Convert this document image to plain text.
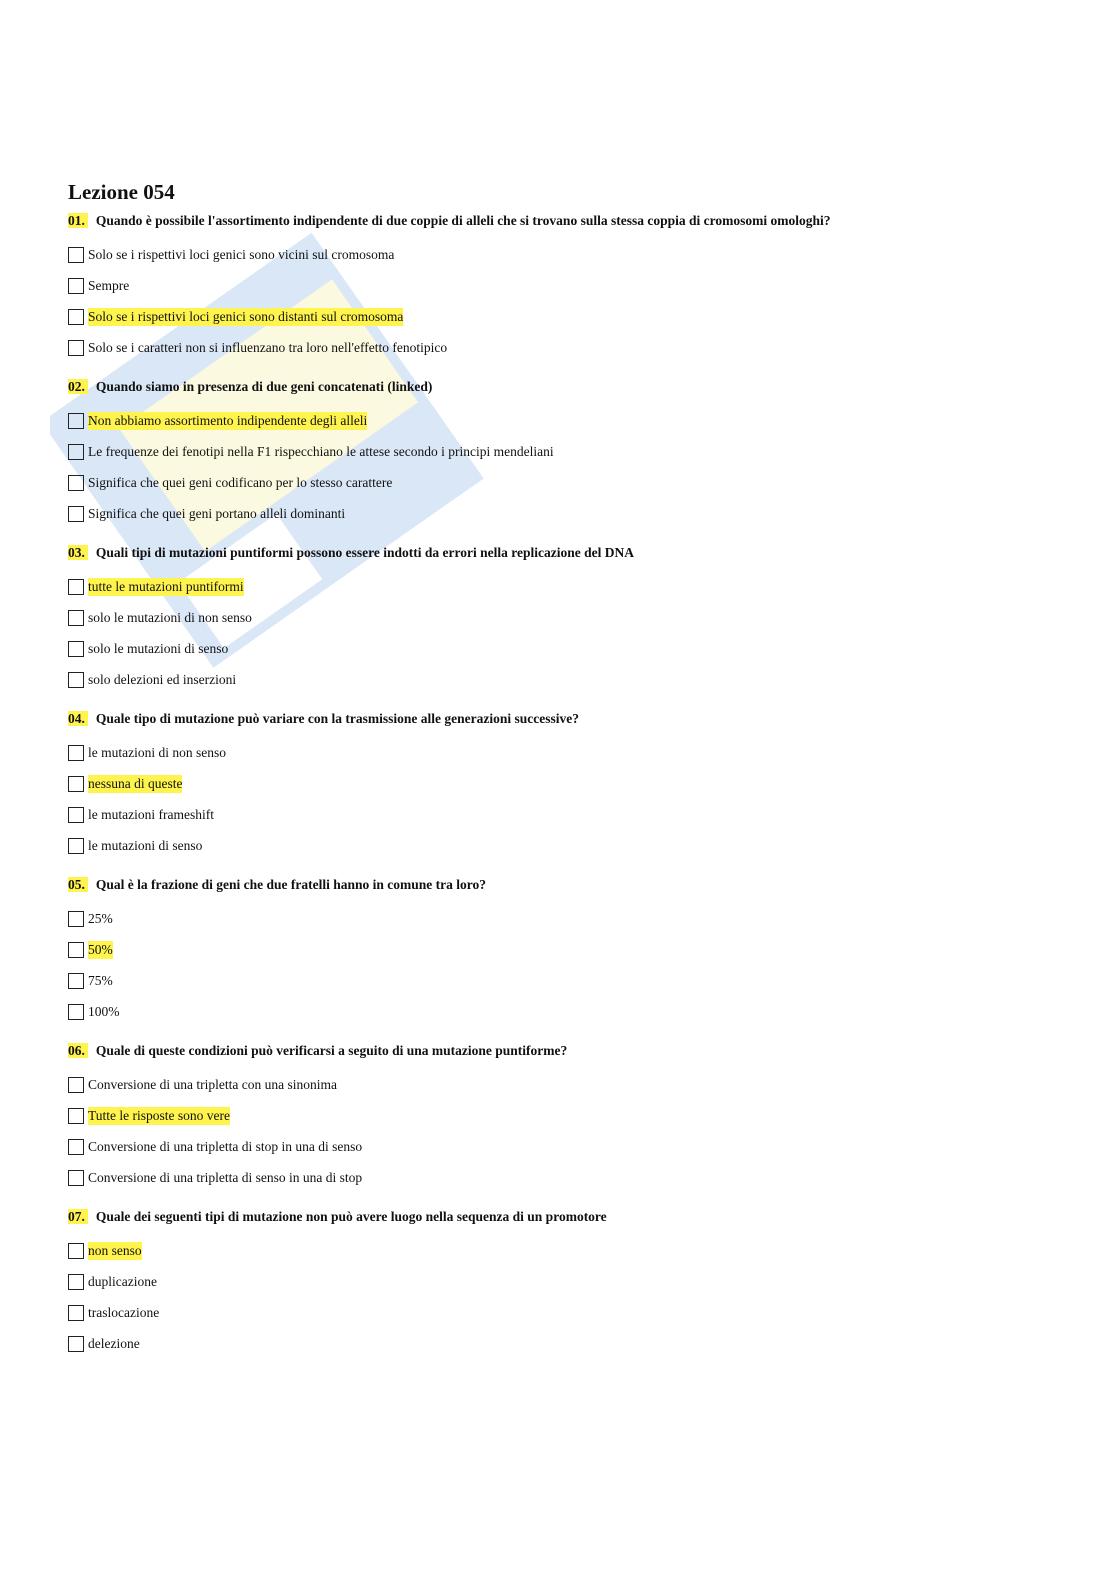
Lezione 054

01. Quando è possibile l'assortimento indipendente di due coppie di alleli che si trovano sulla stessa coppia di cromosomi omologhi?

Solo se i rispettivi loci genici sono vicini sul cromosoma
Sempre
Solo se i rispettivi loci genici sono distanti sul cromosoma
Solo se i caratteri non si influenzano tra loro nell'effetto fenotipico

02. Quando siamo in presenza di due geni concatenati (linked)

Non abbiamo assortimento indipendente degli alleli
Le frequenze dei fenotipi nella F1 rispecchiano le attese secondo i principi mendeliani
Significa che quei geni codificano per lo stesso carattere
Significa che quei geni portano alleli dominanti

03. Quali tipi di mutazioni puntiformi possono essere indotti da errori nella replicazione del DNA

tutte le mutazioni puntiformi
solo le mutazioni di non senso
solo le mutazioni di senso
solo delezioni ed inserzioni

04. Quale tipo di mutazione può variare con la trasmissione alle generazioni successive?

le mutazioni di non senso
nessuna di queste
le mutazioni frameshift
le mutazioni di senso

05. Qual è la frazione di geni che due fratelli hanno in comune tra loro?

25%
50%
75%
100%

06. Quale di queste condizioni può verificarsi a seguito di una mutazione puntiforme?

Conversione di una tripletta con una sinonima
Tutte le risposte sono vere
Conversione di una tripletta di stop in una di senso
Conversione di una tripletta di senso in una di stop

07. Quale dei seguenti tipi di mutazione non può avere luogo nella sequenza di un promotore

non senso
duplicazione
traslocazione
delezione
